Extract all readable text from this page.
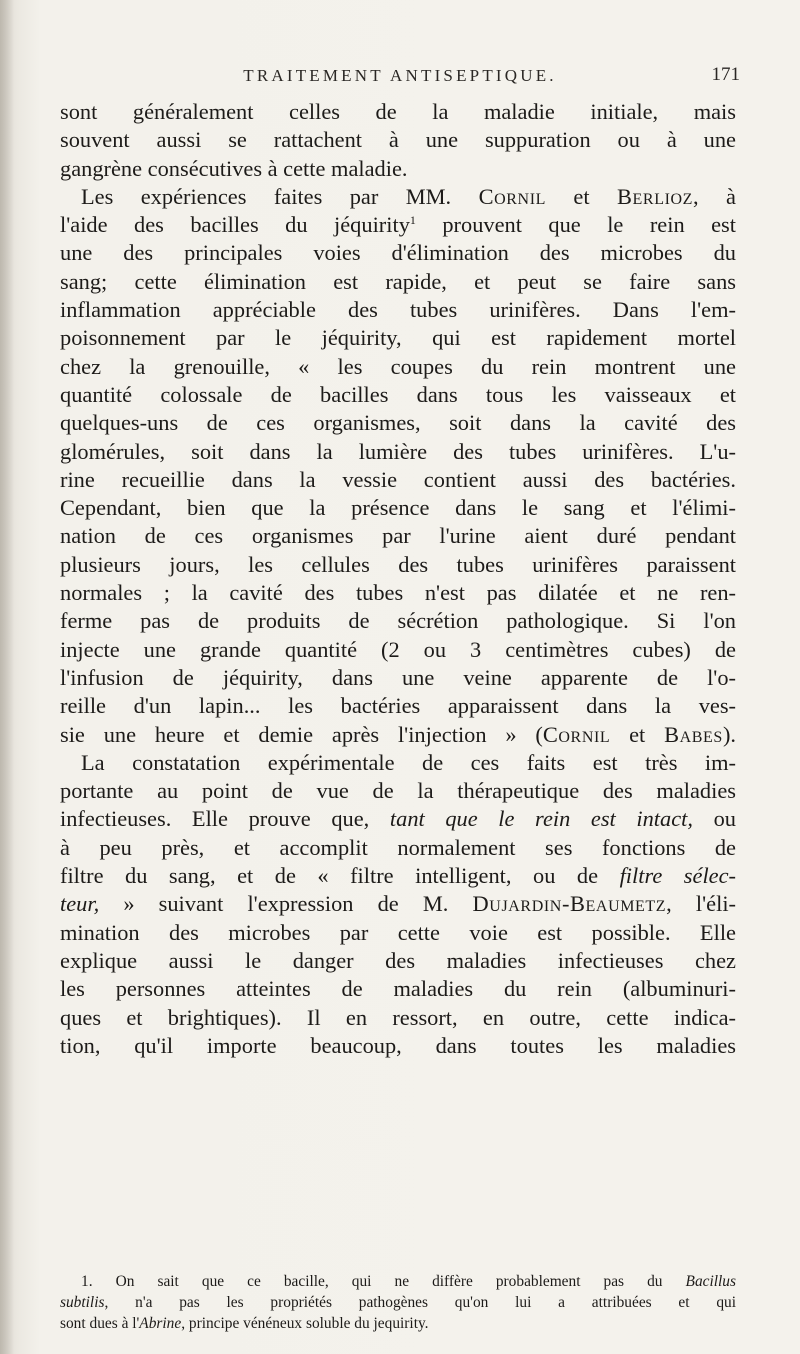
TRAITEMENT ANTISEPTIQUE.	171
sont généralement celles de la maladie initiale, mais
souvent aussi se rattachent à une suppuration ou à une
gangrène consécutives à cette maladie.
Les expériences faites par MM. Cornil et Berlioz, à
l'aide des bacilles du jéquirity$^1$ prouvent que le rein est
une des principales voies d'élimination des microbes du
sang; cette élimination est rapide, et peut se faire sans
inflammation appréciable des tubes urinifères. Dans l'em-
poisonnement par le jéquirity, qui est rapidement mortel
chez la grenouille, « les coupes du rein montrent une
quantité colossale de bacilles dans tous les vaisseaux et
quelques-uns de ces organismes, soit dans la cavité des
glomérules, soit dans la lumière des tubes urinifères. L'u-
rine recueillie dans la vessie contient aussi des bactéries.
Cependant, bien que la présence dans le sang et l'élimi-
nation de ces organismes par l'urine aient duré pendant
plusieurs jours, les cellules des tubes urinifères paraissent
normales ; la cavité des tubes n'est pas dilatée et ne ren-
ferme pas de produits de sécrétion pathologique. Si l'on
injecte une grande quantité (2 ou 3 centimètres cubes) de
l'infusion de jéquirity, dans une veine apparente de l'o-
reille d'un lapin... les bactéries apparaissent dans la ves-
sie une heure et demie après l'injection » (Cornil et Babes).
La constatation expérimentale de ces faits est très im-
portante au point de vue de la thérapeutique des maladies
infectieuses. Elle prouve que, tant que le rein est intact, ou
à peu près, et accomplit normalement ses fonctions de
filtre du sang, et de « filtre intelligent, ou de filtre sélec-
teur, » suivant l'expression de M. Dujardin-Beaumetz, l'éli-
mination des microbes par cette voie est possible. Elle
explique aussi le danger des maladies infectieuses chez
les personnes atteintes de maladies du rein (albuminuri-
ques et brightiques). Il en ressort, en outre, cette indica-
tion, qu'il importe beaucoup, dans toutes les maladies
1. On sait que ce bacille, qui ne diffère probablement pas du Bacillus
subtilis, n'a pas les propriétés pathogènes qu'on lui a attribuées et qui
sont dues à l'Abrine, principe vénéneux soluble du jequirity.
